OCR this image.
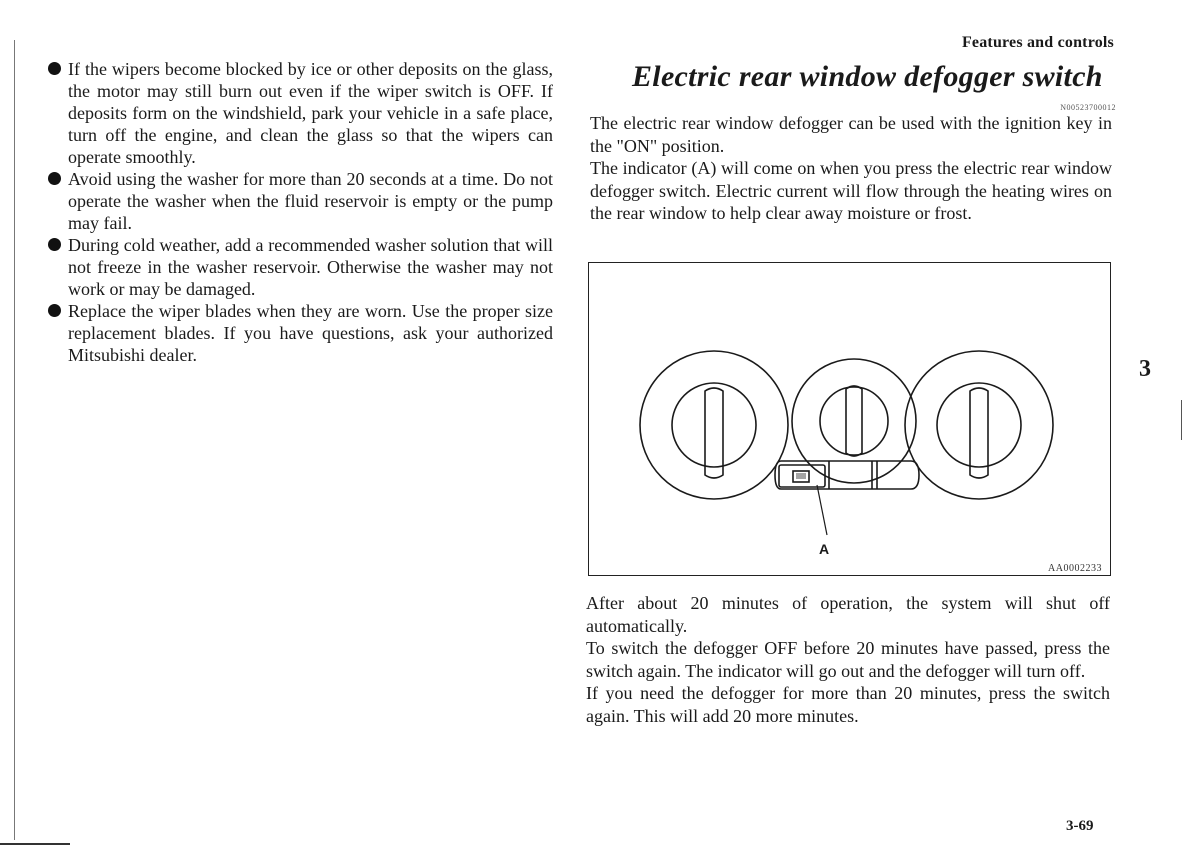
Features and controls
If the wipers become blocked by ice or other deposits on the glass, the motor may still burn out even if the wiper switch is OFF. If deposits form on the windshield, park your vehicle in a safe place, turn off the engine, and clean the glass so that the wipers can operate smoothly.
Avoid using the washer for more than 20 seconds at a time. Do not operate the washer when the fluid reservoir is empty or the pump may fail.
During cold weather, add a recommended washer solution that will not freeze in the washer reservoir. Otherwise the washer may not work or may be damaged.
Replace the wiper blades when they are worn. Use the proper size replacement blades. If you have questions, ask your authorized Mitsubishi dealer.
Electric rear window defogger switch
N00523700012

The electric rear window defogger can be used with the ignition key in the "ON" position.

The indicator (A) will come on when you press the electric rear window defogger switch. Electric current will flow through the heating wires on the rear window to help clear away moisture or frost.

A
AA0002233

After about 20 minutes of operation, the system will shut off automatically.

To switch the defogger OFF before 20 minutes have passed, press the switch again. The indicator will go out and the defogger will turn off.

If you need the defogger for more than 20 minutes, press the switch again. This will add 20 more minutes.

3
3-69
